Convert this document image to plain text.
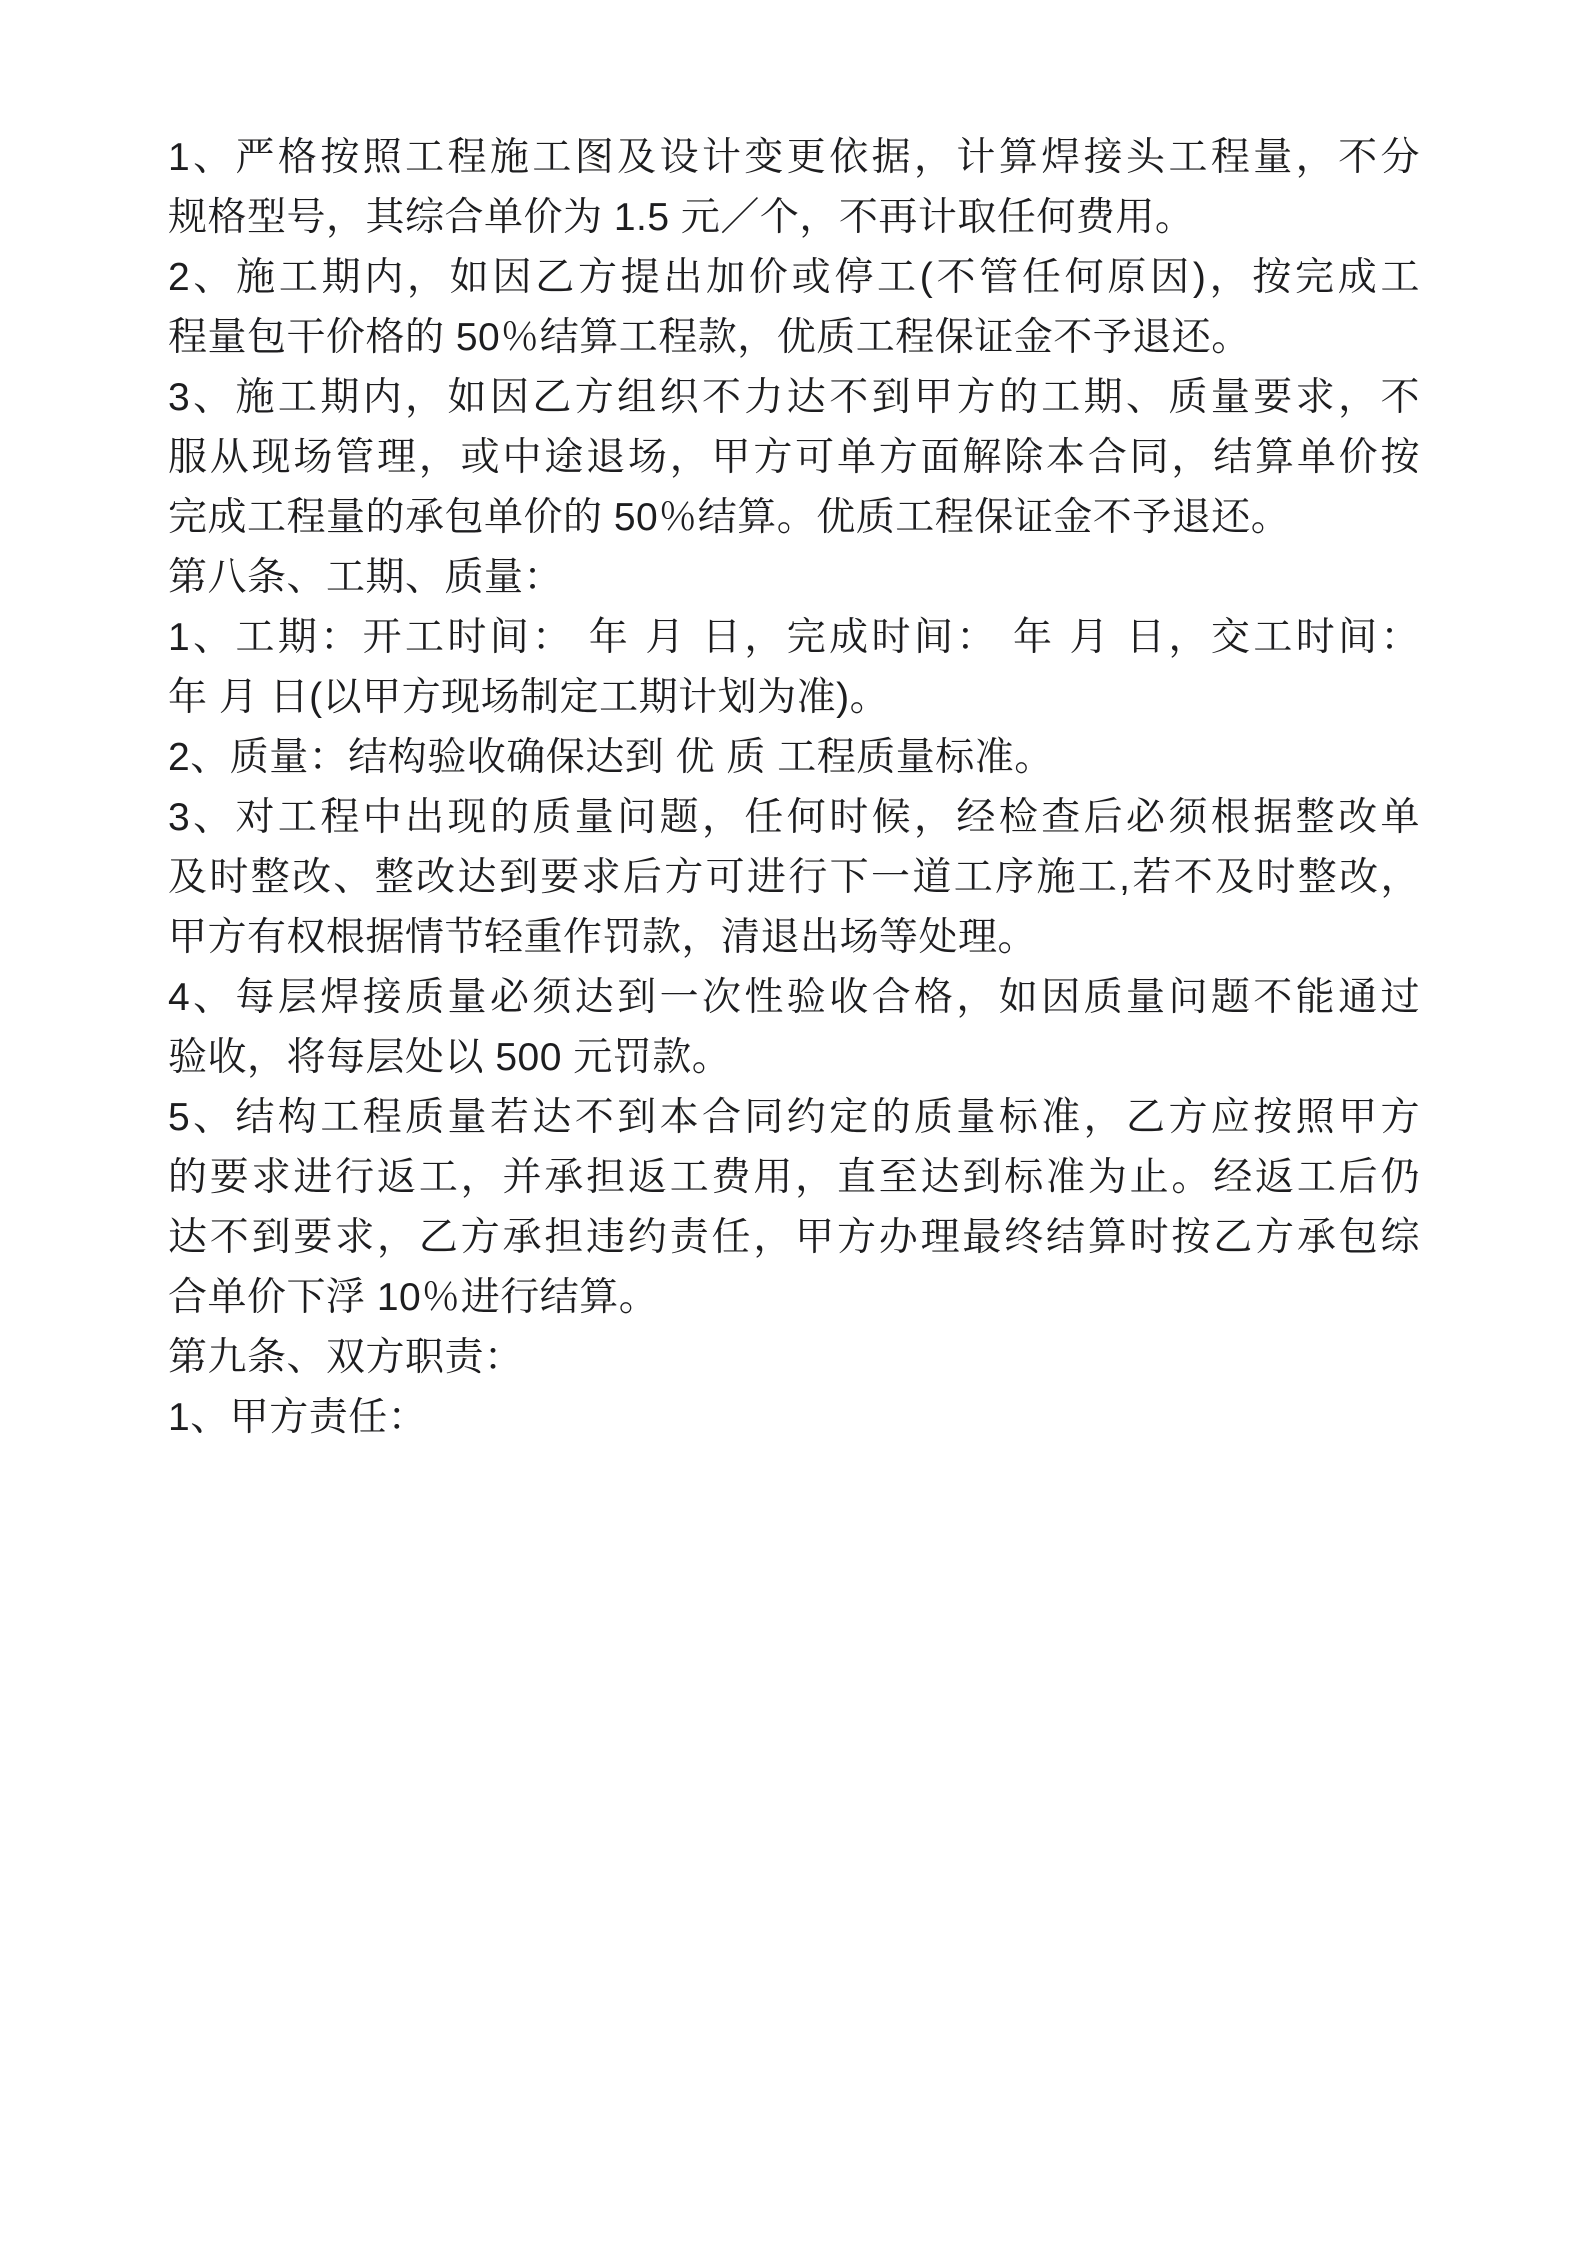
1、严格按照工程施工图及设计变更依据，计算焊接头工程量，不分
规格型号，其综合单价为 1.5 元／个，不再计取任何费用。
2、施工期内，如因乙方提出加价或停工(不管任何原因)，按完成工
程量包干价格的 50％结算工程款，优质工程保证金不予退还。
3、施工期内，如因乙方组织不力达不到甲方的工期、质量要求，不
服从现场管理，或中途退场，甲方可单方面解除本合同，结算单价按
完成工程量的承包单价的 50％结算。优质工程保证金不予退还。
第八条、工期、质量：
1、工期：开工时间： 年 月 日，完成时间： 年 月 日，交工时间：
年 月 日(以甲方现场制定工期计划为准)。
2、质量：结构验收确保达到 优 质 工程质量标准。
3、对工程中出现的质量问题，任何时候，经检查后必须根据整改单
及时整改、整改达到要求后方可进行下一道工序施工,若不及时整改，
甲方有权根据情节轻重作罚款，清退出场等处理。
4、每层焊接质量必须达到一次性验收合格，如因质量问题不能通过
验收，将每层处以 500 元罚款。
5、结构工程质量若达不到本合同约定的质量标准，乙方应按照甲方
的要求进行返工，并承担返工费用，直至达到标准为止。经返工后仍
达不到要求，乙方承担违约责任，甲方办理最终结算时按乙方承包综
合单价下浮 10％进行结算。
第九条、双方职责：
1、甲方责任：
